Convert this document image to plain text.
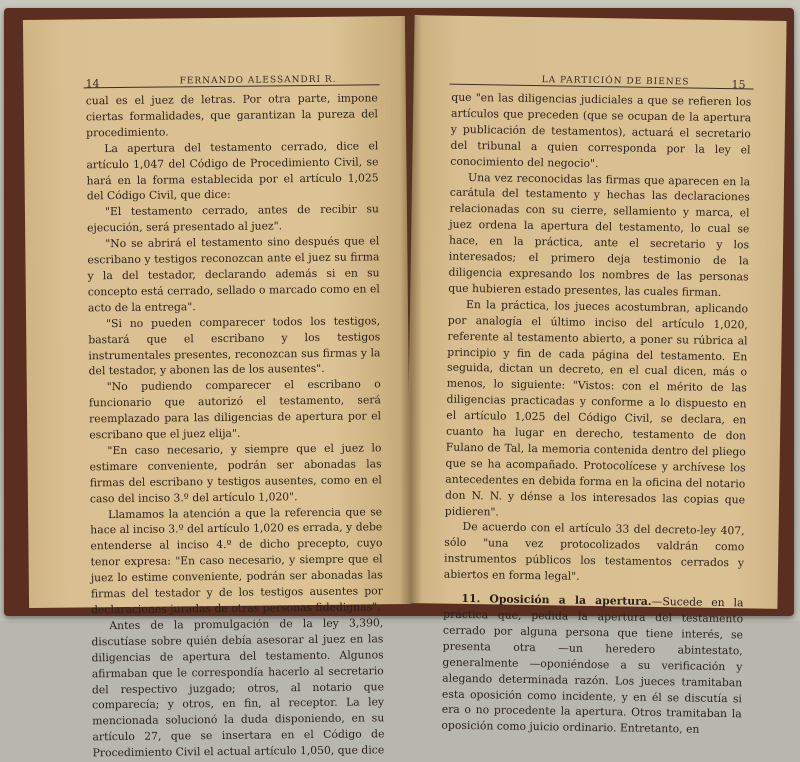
14	FERNANDO ALESSANDRI R.

cual es el juez de letras. Por otra parte, impone ciertas formalidades, que garantizan la pureza del procedimiento.

La apertura del testamento cerrado, dice el artículo 1,047 del Código de Procedimiento Civil, se hará en la forma establecida por el artículo 1,025 del Código Civil, que dice:

"El testamento cerrado, antes de recibir su ejecución, será presentado al juez".

"No se abrirá el testamento sino después que el escribano y testigos reconozcan ante el juez su firma y la del testador, declarando además si en su concepto está cerrado, sellado o marcado como en el acto de la entrega".

"Si no pueden comparecer todos los testigos, bastará que el escribano y los testigos instrumentales presentes, reconozcan sus firmas y la del testador, y abonen las de los ausentes".

"No pudiendo comparecer el escribano o funcionario que autorizó el testamento, será reemplazado para las diligencias de apertura por el escribano que el juez elija".

"En caso necesario, y siempre que el juez lo estimare conveniente, podrán ser abonadas las firmas del escribano y testigos ausentes, como en el caso del inciso 3.º del artículo 1,020".

Llamamos la atención a que la referencia que se hace al inciso 3.º del artículo 1,020 es errada, y debe entenderse al inciso 4.º de dicho precepto, cuyo tenor expresa: "En caso necesario, y siempre que el juez lo estime conveniente, podrán ser abonadas las firmas del testador y de los testigos ausentes por declaraciones juradas de otras personas fidedignas".

Antes de la promulgación de la ley 3,390, discutíase sobre quién debía asesorar al juez en las diligencias de apertura del testamento. Algunos afirmaban que le correspondía hacerlo al secretario del respectivo juzgado; otros, al notario que comparecía; y otros, en fin, al receptor. La ley mencionada solucionó la duda disponiendo, en su artículo 27, que se insertara en el Código de Procedimiento Civil el actual artículo 1,050, que dice

LA PARTICIÓN DE BIENES	15

que "en las diligencias judiciales a que se refieren los artículos que preceden (que se ocupan de la apertura y publicación de testamentos), actuará el secretario del tribunal a quien corresponda por la ley el conocimiento del negocio".

Una vez reconocidas las firmas que aparecen en la carátula del testamento y hechas las declaraciones relacionadas con su cierre, sellamiento y marca, el juez ordena la apertura del testamento, lo cual se hace, en la práctica, ante el secretario y los interesados; el primero deja testimonio de la diligencia expresando los nombres de las personas que hubieren estado presentes, las cuales firman.

En la práctica, los jueces acostumbran, aplicando por analogía el último inciso del artículo 1,020, referente al testamento abierto, a poner su rúbrica al principio y fin de cada página del testamento. En seguida, dictan un decreto, en el cual dicen, más o menos, lo siguiente: "Vistos: con el mérito de las diligencias practicadas y conforme a lo dispuesto en el artículo 1,025 del Código Civil, se declara, en cuanto ha lugar en derecho, testamento de don Fulano de Tal, la memoria contenida dentro del pliego que se ha acompañado. Protocolícese y archívese los antecedentes en debida forma en la oficina del notario don N. N. y dénse a los interesados las copias que pidieren".

De acuerdo con el artículo 33 del decreto-ley 407, sólo "una vez protocolizados valdrán como instrumentos públicos los testamentos cerrados y abiertos en forma legal".

11. Oposición a la apertura.—Sucede en la práctica que, pedida la apertura del testamento cerrado por alguna persona que tiene interés, se presenta otra —un heredero abintestato, generalmente —oponiéndose a su verificación y alegando determinada razón. Los jueces tramitaban esta oposición como incidente, y en él se discutía si era o no procedente la apertura. Otros tramitaban la oposición como juicio ordinario. Entretanto, en
